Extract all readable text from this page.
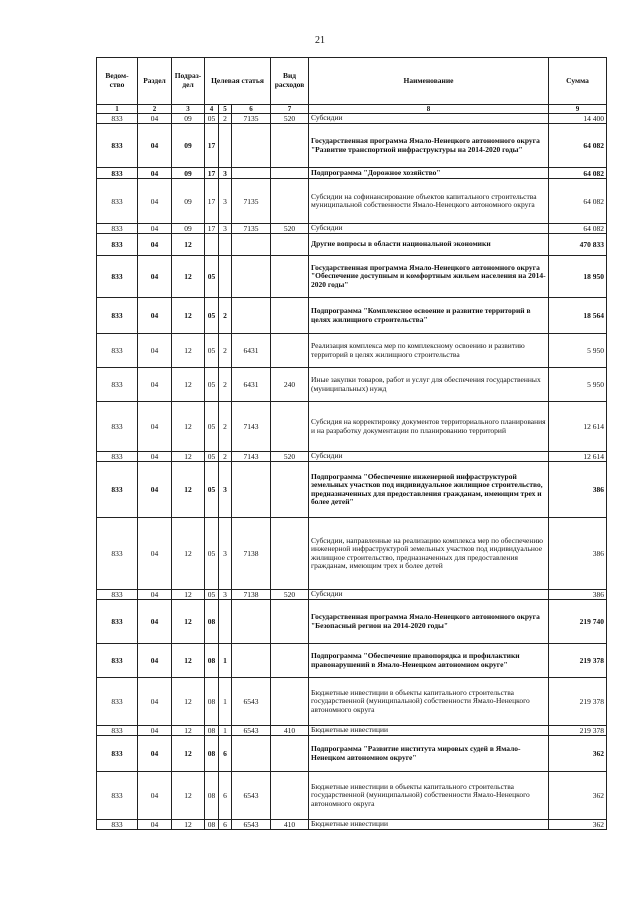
21
Ведом-ство	Раздел	Подраз-дел	Целевая статья			Вид расходов	Наименование	Сумма
1	2	3	4	5	6	7	8	9
833	04	09	05	2	7135	520	Субсидии	14 400
833	04	09	17				Государственная программа Ямало-Ненецкого автономного округа "Развитие транспортной инфраструктуры на 2014-2020 годы"	64 082
833	04	09	17	3			Подпрограмма "Дорожное хозяйство"	64 082
833	04	09	17	3	7135		Субсидии на софинансирование объектов капитального строительства муниципальной собственности Ямало-Ненецкого автономного округа	64 082
833	04	09	17	3	7135	520	Субсидии	64 082
833	04	12					Другие вопросы в области национальной экономики	470 833
833	04	12	05				Государственная программа Ямало-Ненецкого автономного округа "Обеспечение доступным и комфортным жильем населения на 2014-2020 годы"	18 950
833	04	12	05	2			Подпрограмма "Комплексное освоение и развитие территорий в целях жилищного строительства"	18 564
833	04	12	05	2	6431		Реализация комплекса мер по комплексному освоению и развитию территорий в целях жилищного строительства	5 950
833	04	12	05	2	6431	240	Иные закупки товаров, работ и услуг для обеспечения государственных (муниципальных) нужд	5 950
833	04	12	05	2	7143		Субсидия на корректировку документов территориального планирования и на разработку документации по планированию территорий	12 614
833	04	12	05	2	7143	520	Субсидии	12 614
833	04	12	05	3			Подпрограмма "Обеспечение инженерной инфраструктурой земельных участков под индивидуальное жилищное строительство, предназначенных для предоставления гражданам, имеющим трех и более детей"	386
833	04	12	05	3	7138		Субсидии, направленные на реализацию комплекса мер по обеспечению инженерной инфраструктурой земельных участков под индивидуальное жилищное строительство, предназначенных для предоставления гражданам, имеющим трех и более детей	386
833	04	12	05	3	7138	520	Субсидии	386
833	04	12	08				Государственная программа Ямало-Ненецкого автономного округа "Безопасный регион на 2014-2020 годы"	219 740
833	04	12	08	1			Подпрограмма "Обеспечение правопорядка и профилактики правонарушений в Ямало-Ненецком автономном округе"	219 378
833	04	12	08	1	6543		Бюджетные инвестиции в объекты капитального строительства государственной (муниципальной) собственности Ямало-Ненецкого автономного округа	219 378
833	04	12	08	1	6543	410	Бюджетные инвестиции	219 378
833	04	12	08	6			Подпрограмма "Развитие института мировых судей в Ямало-Ненецком автономном округе"	362
833	04	12	08	6	6543		Бюджетные инвестиции в объекты капитального строительства государственной (муниципальной) собственности Ямало-Ненецкого автономного округа	362
833	04	12	08	6	6543	410	Бюджетные инвестиции	362
